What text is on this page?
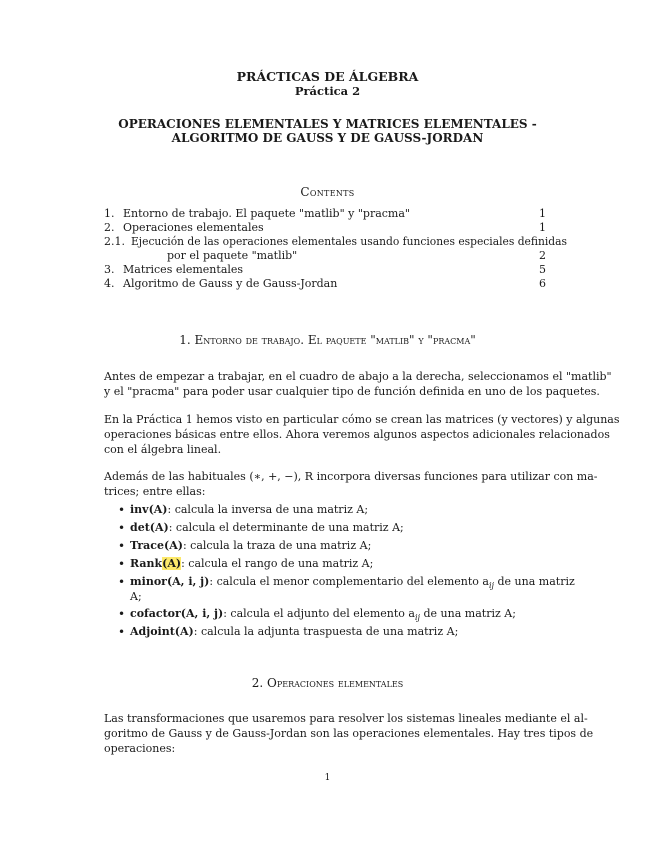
PRÁCTICAS DE ÁLGEBRA
Práctica 2
OPERACIONES ELEMENTALES Y MATRICES ELEMENTALES -
ALGORITMO DE GAUSS Y DE GAUSS-JORDAN
Contents
1. Entorno de trabajo. El paquete "matlib" y "pracma"	1
2. Operaciones elementales	1
2.1. Ejecución de las operaciones elementales usando funciones especiales definidas
por el paquete "matlib"	2
3. Matrices elementales	5
4. Algoritmo de Gauss y de Gauss-Jordan	6
1. Entorno de trabajo. El paquete "matlib" y "pracma"
Antes de empezar a trabajar, en el cuadro de abajo a la derecha, seleccionamos el "matlib"
y el "pracma" para poder usar cualquier tipo de función definida en uno de los paquetes.
En la Práctica 1 hemos visto en particular cómo se crean las matrices (y vectores) y algunas
operaciones básicas entre ellos. Ahora veremos algunos aspectos adicionales relacionados
con el álgebra lineal.
Además de las habituales (∗, +, −), R incorpora diversas funciones para utilizar con ma-
trices; entre ellas:
• inv(A): calcula la inversa de una matriz A;
• det(A): calcula el determinante de una matriz A;
• Trace(A): calcula la traza de una matriz A;
• Rank(A): calcula el rango de una matriz A;
• minor(A, i, j): calcula el menor complementario del elemento $a_{ij}$ de una matriz
A;
• cofactor(A, i, j): calcula el adjunto del elemento $a_{ij}$ de una matriz A;
• Adjoint(A): calcula la adjunta traspuesta de una matriz A;
2. Operaciones elementales
Las transformaciones que usaremos para resolver los sistemas lineales mediante el al-
goritmo de Gauss y de Gauss-Jordan son las operaciones elementales. Hay tres tipos de
operaciones:
1
